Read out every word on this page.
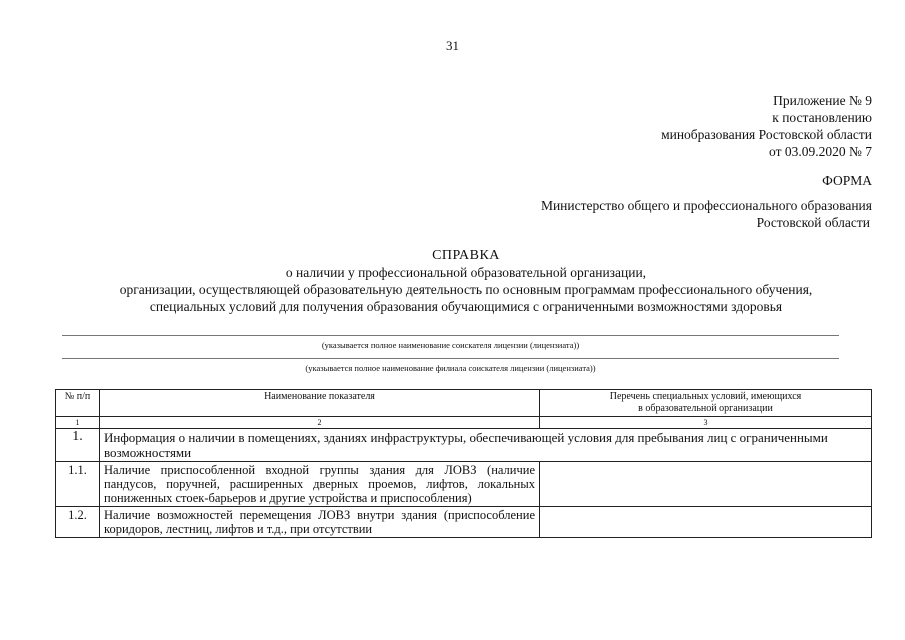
31
Приложение № 9
к постановлению
минобразования Ростовской области
от 03.09.2020 № 7
ФОРМА
Министерство общего и профессионального образования
Ростовской области
СПРАВКА
о наличии у профессиональной образовательной организации,
организации, осуществляющей образовательную деятельность по основным программам профессионального обучения,
специальных условий для получения образования обучающимися с ограниченными возможностями здоровья
(указывается полное наименование соискателя лицензии (лицензиата))
(указывается полное наименование филиала соискателя лицензии (лицензиата))
№ п/п	Наименование показателя	Перечень специальных условий, имеющихся
в образовательной организации

1	2	3
1.	Информация о наличии в помещениях, зданиях инфраструктуры, обеспечивающей условия для пребывания лиц с ограниченными возможностями	
1.1.	Наличие приспособленной входной группы здания для ЛОВЗ (наличие пандусов, поручней, расширенных дверных проемов, лифтов, локальных пониженных стоек-барьеров и другие устройства и приспособления)	
1.2.	Наличие возможностей перемещения ЛОВЗ внутри здания (приспособление коридоров, лестниц, лифтов и т.д., при отсутствии	
